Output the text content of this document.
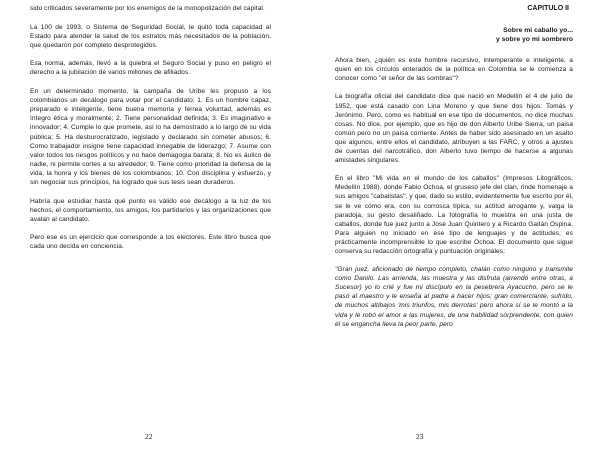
sido criticados severamente por los enemigos de la monopolización del capital.

La 100 de 1993, o Sistema de Seguridad Social, le quitó toda capacidad al Estado para atender la salud de los estratos más necesitados de la población, que quedaron por completo desprotegidos.

Esa norma, además, llevó a la quiebra el Seguro Social y puso en peligro el derecho a la jubilación de varios millones de afiliados.

En un determinado momento, la campaña de Uribe les propuso a los colombianos un decálogo para votar por el candidato: 1. Es un hombre capaz, preparado e inteligente, tiene buena memoria y férrea voluntad, además es íntegro ética y moralmente; 2. Tiene personalidad definida; 3. Es imaginativo e innovador; 4. Cumple lo que promete, así lo ha demostrado a lo largo de su vida pública; 5. Ha desburocratizado, legislado y declarado sin cometer abusos; 6. Como trabajador insigne tiene capacidad innegable de liderazgo; 7. Asume con valor todos los riesgos políticos y no hace demagogia barata; 8. No es áulico de nadie, ni permite cortes a su alrededor; 9. Tiene como prioridad la defensa de la vida, la honra y los bienes de los colombianos; 10. Con disciplina y esfuerzo, y sin negociar sus principios, ha logrado que sus tesis sean duraderos.

Habría que estudiar hasta qué punto es válido ese decálogo a la luz de los hechos, el comportamiento, los amigos, los partidarios y las organizaciones que avalan al candidato.

Pero ese es un ejercicio que corresponde a los electores. Este libro busca que cada uno decida en conciencia.

22
CAPITULO II
Sobre mi caballo yo...
y sobre yo mi sombrero

Ahora bien, ¿quién es este hombre recursivo, intemperante e inteligente, a quien en los círculos enterados de la política en Colombia se le comienza a conocer como "el señor de las sombras"?

La biografía oficial del candidato dice que nació en Medellín el 4 de julio de 1952, que está casado con Lina Moreno y que tiene dos hijos: Tomás y Jerónimo. Pero, como es habitual en ese tipo de documentos, no dice muchas cosas. No dice, por ejemplo, que es hijo de don Alberto Uribe Sierra, un paisa común pero no un paisa corriente. Antes de haber sido asesinado en un asalto que algunos, entre ellos el candidato, atribuyen a las FARC, y otros a ajustes de cuentas del narcotráfico, don Alberto tuvo tiempo de hacerse a algunas amistades singulares.

En el libro "Mi vida en el mundo de los caballos" (Impresos Litográficos, Medellín 1988), donde Fabio Ochoa, el gruseso jefe del clan, rinde homenaje a sus amigos "cabalistas", y que, dado su estilo, evidentemente fue escrito por él, se le ve cómo era, con su corrosca típica, su actitud arrogante y, valga la paradoja, su gesto desaliñado. La fotografía lo muestra en una justa de caballos, donde fue juez junto a José Juan Quintero y a Ricardo Gaitán Ospina. Para alguien no iniciado en ese tipo de lenguajes y de actitudes, es prácticamente incomprensible lo que escribe Ochoa. El documento que sigue conserva su redacción ortografía y puntuación originales:

"Gran juez, aficionado de tiempo completo, chalán como ninguno y transmite como Danilo. Las arrienda, las muestra y las disfruta (arrendó entre otras, a Sucesor) yo lo crié y fue mi discípulo en la pesebrera Ayacucho, pero se le pasó al maestro y le enseña al padre a hacer hijos; gran comerciante, sufrido, de muchos altibajos 'mis triunfos, mis derrotas' pero ahora sí se le montó a la vida y le robó el amor a las mujeres, de una habilidad sorprendente, con quien él se engancha lleva la peor parte, pero

23
